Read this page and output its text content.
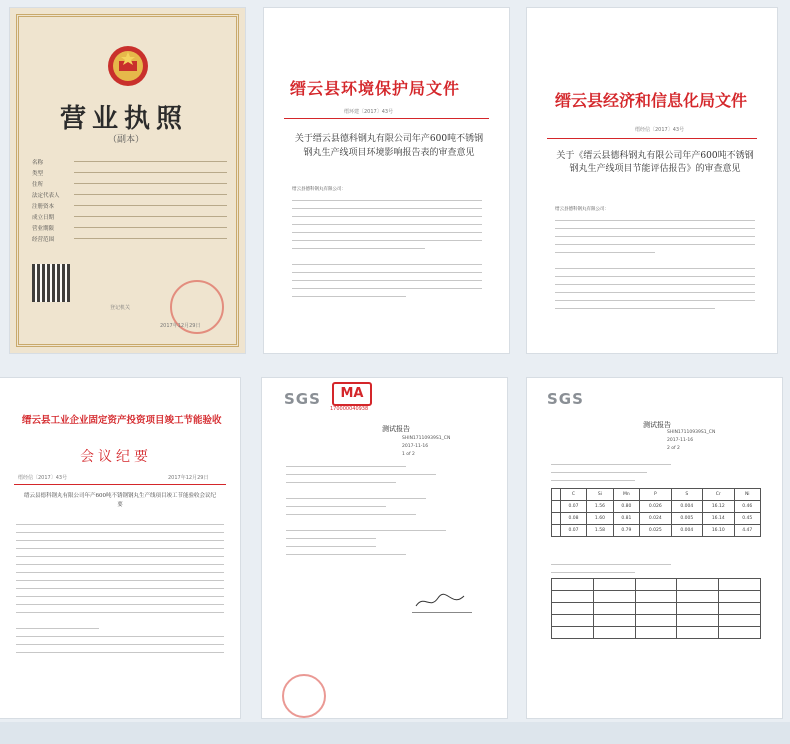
营业执照
（副本）
名称
类型
住所
法定代表人
注册资本
成立日期
营业期限
经营范围
登记机关
2017年12月29日
缙云县环境保护局文件
缙环建〔2017〕43号
关于缙云县德科钢丸有限公司年产600吨不锈钢钢丸生产线项目环境影响报告表的审查意见
缙云县德科钢丸有限公司：
缙云县经济和信息化局文件
缙经信〔2017〕43号
关于《缙云县德科钢丸有限公司年产600吨不锈钢钢丸生产线项目节能评估报告》的审查意见
缙云县德科钢丸有限公司：
缙云县工业企业固定资产投资项目竣工节能验收
会议纪要
缙经信〔2017〕43号	2017年12月29日
缙云县德科钢丸有限公司年产600吨不锈钢钢丸生产线项目竣工节能验收会议纪要
SGS	MA
170000040938
测试报告
SHIN17110939S1_CN
2017-11-16
1 of 2
SGS
测试报告
SHIN17110939S1_CN
2017-11-16
2 of 2
	C	Si	Mn	P	S	Cr	Ni
	0.07	1.56	0.80	0.026	0.004	16.12	0.46
	0.08	1.60	0.81	0.024	0.005	16.14	0.45
	0.07	1.58	0.79	0.025	0.004	16.10	4.47
